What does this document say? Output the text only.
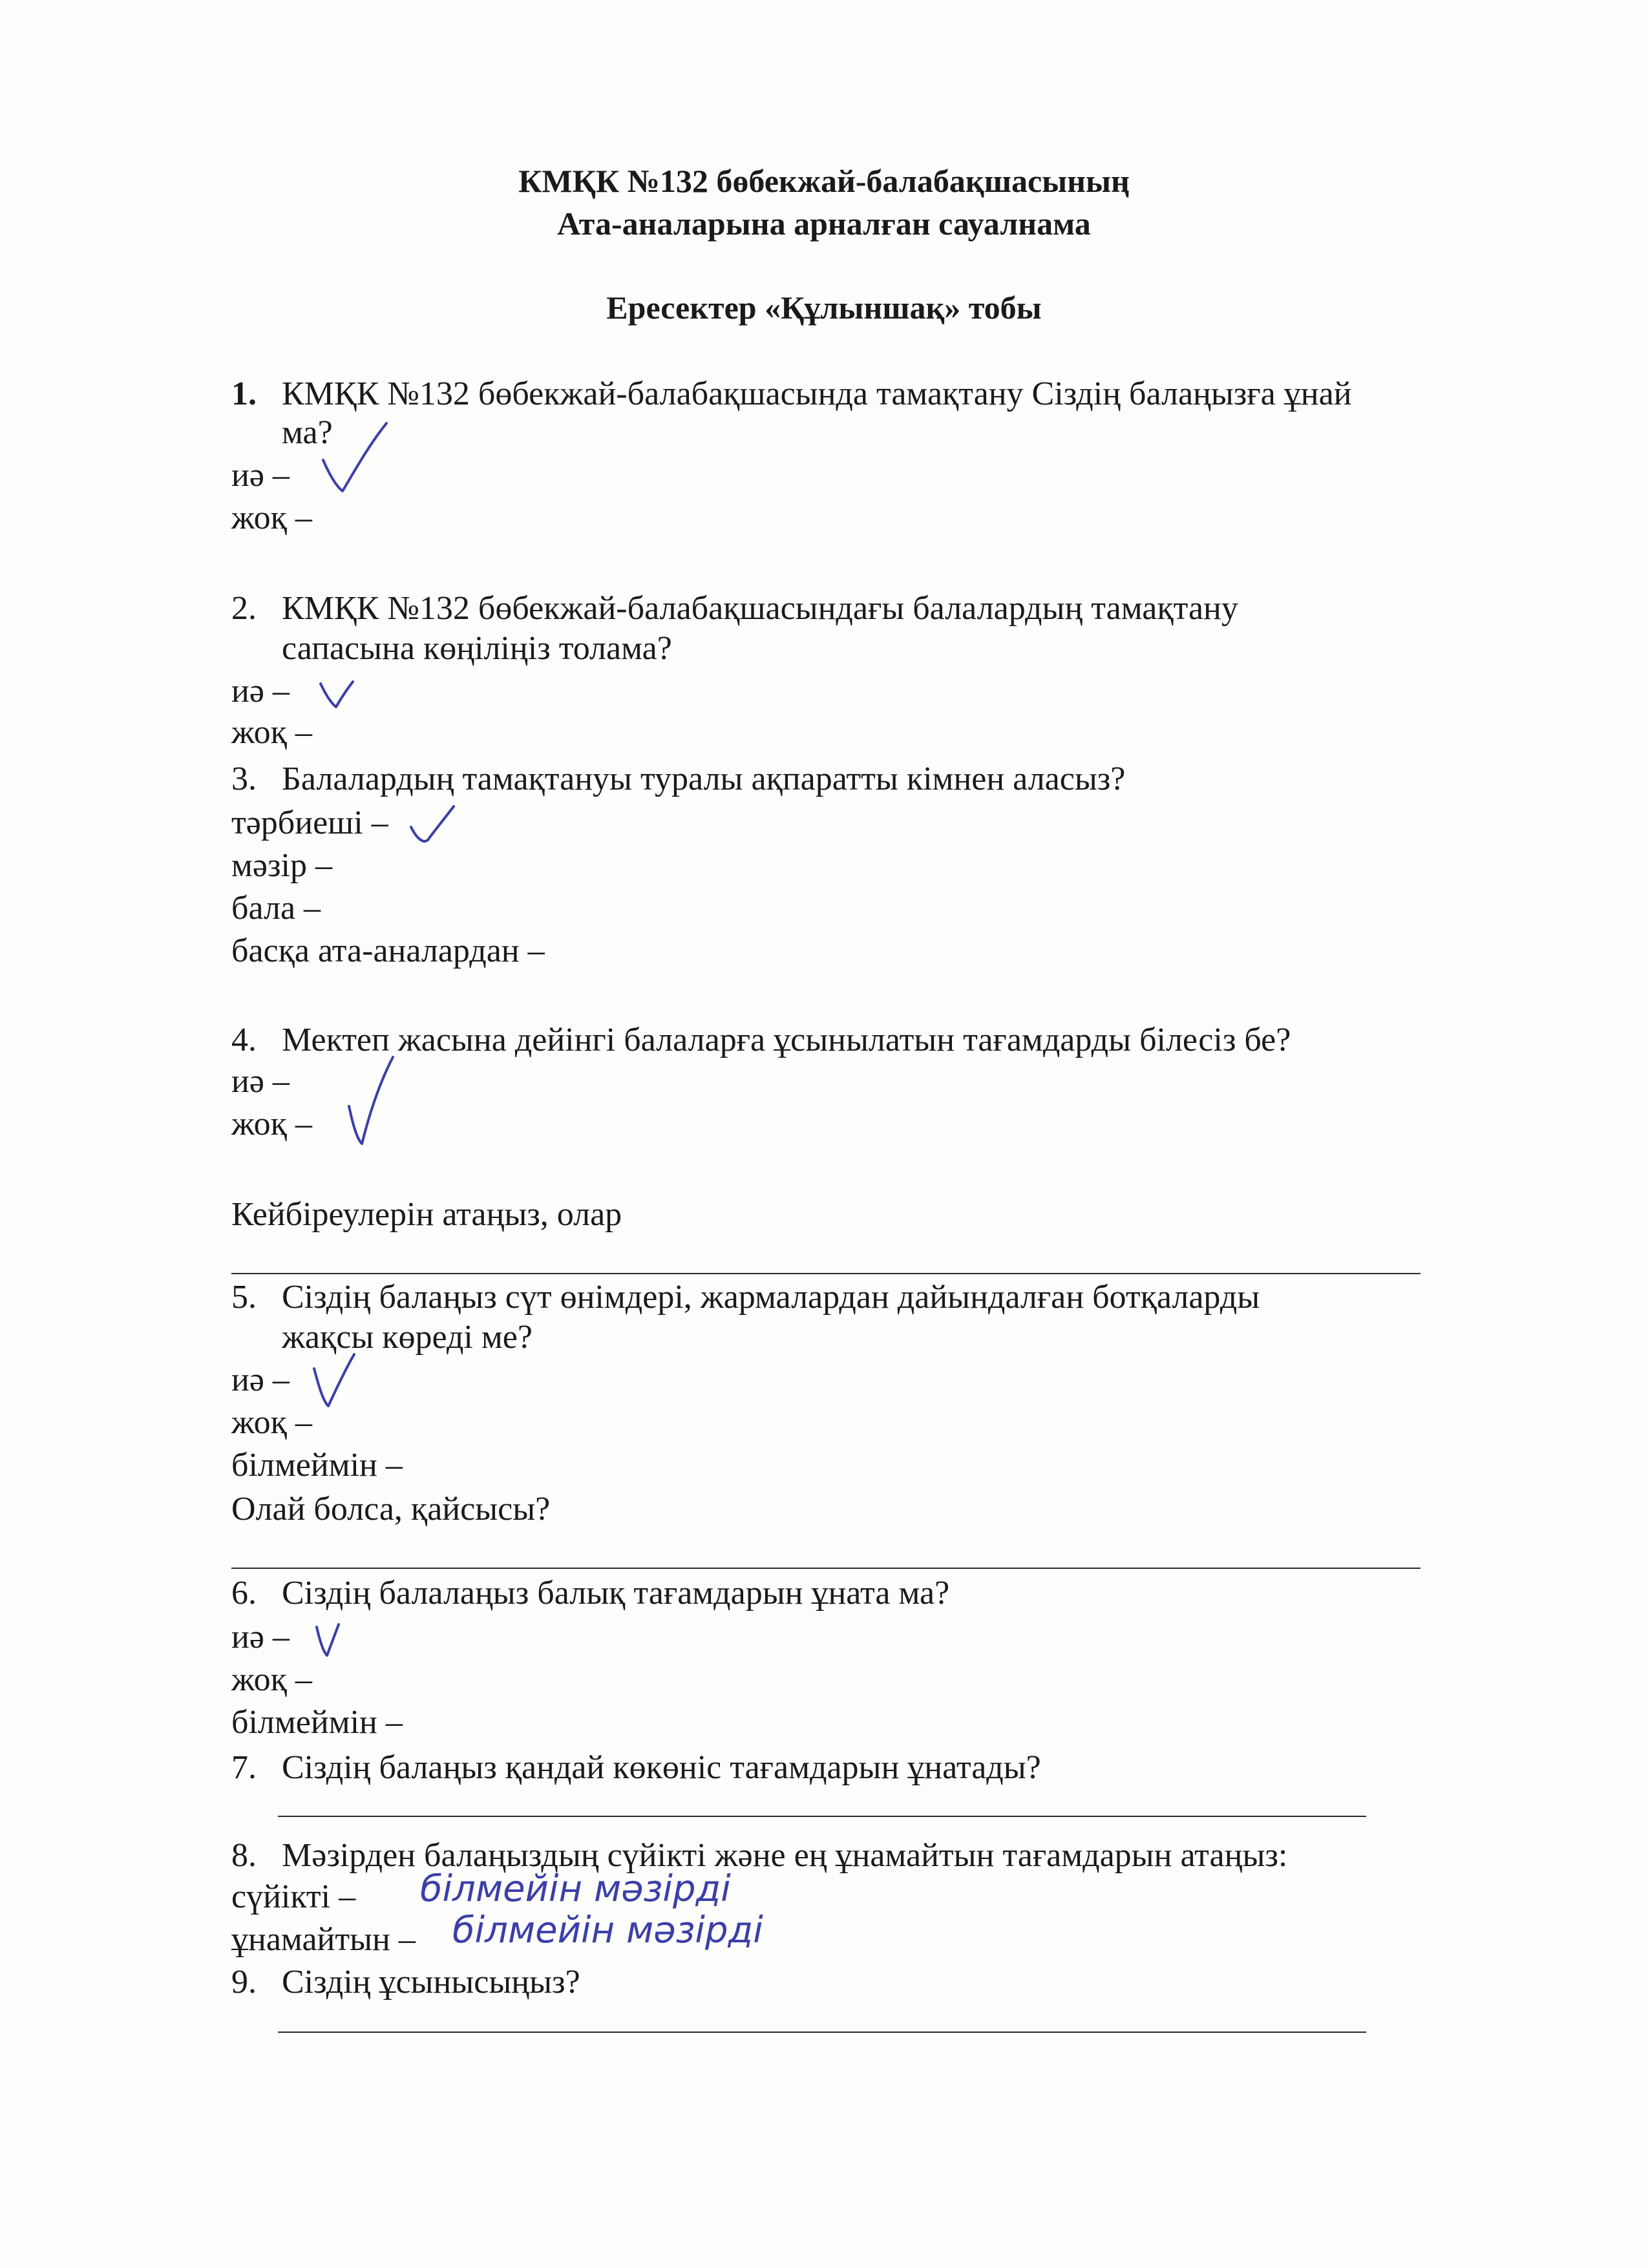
КМҚК №132 бөбекжай-балабақшасының
Ата-аналарына арналған сауалнама
Ересектер «Құлыншақ» тобы
1. КМҚК №132 бөбекжай-балабақшасында тамақтану Сіздің балаңызға ұнай
ма?
иә –
жоқ –
2. КМҚК №132 бөбекжай-балабақшасындағы балалардың тамақтану
сапасына көңіліңіз толама?
иә –
жоқ –
3. Балалардың тамақтануы туралы ақпаратты кімнен аласыз?
тәрбиеші –
мәзір –
бала –
басқа ата-аналардан –
4. Мектеп жасына дейінгі балаларға ұсынылатын тағамдарды білесіз бе?
иә –
жоқ –
Кейбіреулерін атаңыз, олар
5. Сіздің балаңыз сүт өнімдері, жармалардан дайындалған ботқаларды
жақсы көреді ме?
иә –
жоқ –
білмеймін –
Олай болса, қайсысы?
6. Сіздің балалаңыз балық тағамдарын ұната ма?
иә –
жоқ –
білмеймін –
7. Сіздің балаңыз қандай көкөніс тағамдарын ұнатады?
8. Мәзірден балаңыздың сүйікті және ең ұнамайтын тағамдарын атаңыз:
сүйікті –
ұнамайтын –
9. Сіздің ұсынысыңыз?
білмейін мәзірді
білмейін мәзірді
